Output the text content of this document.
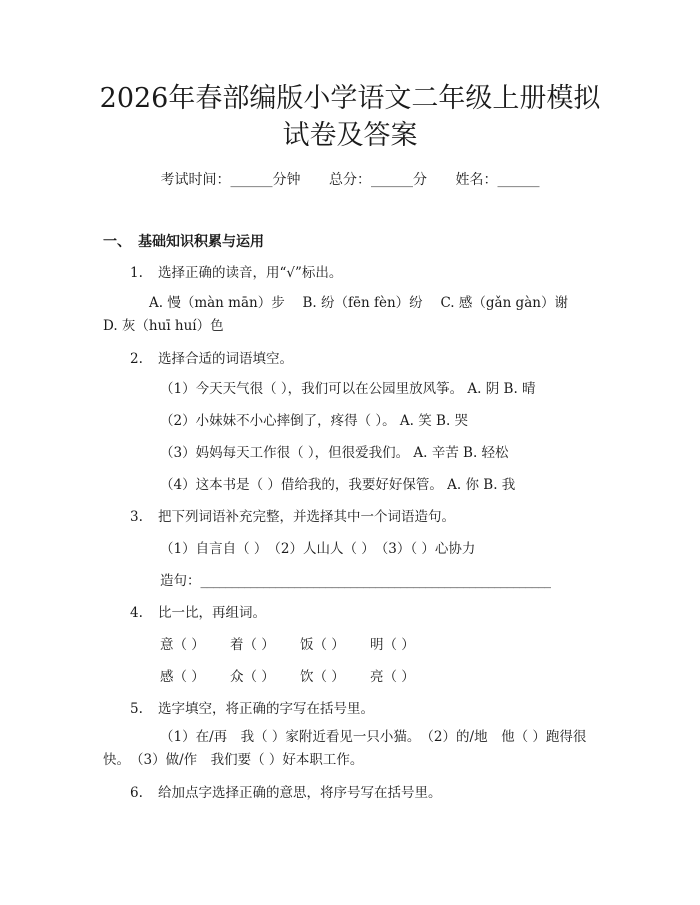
2026年春部编版小学语文二年级上册模拟试卷及答案
考试时间：______分钟 总分：______分 姓名：______
一、　基础知识积累与运用
1. 选择正确的读音，用“√”标出。
A. 慢（màn mān）步　 B. 纷（fēn fèn）纷　 C. 感（gǎn gàn）谢　 D. 灰（huī huí）色
2. 选择合适的词语填空。
（1）今天天气很（ ），我们可以在公园里放风筝。 A. 阴 B. 晴
（2）小妹妹不小心摔倒了，疼得（ ）。 A. 笑 B. 哭
（3）妈妈每天工作很（ ），但很爱我们。 A. 辛苦 B. 轻松
（4）这本书是（ ）借给我的，我要好好保管。 A. 你 B. 我
3. 把下列词语补充完整，并选择其中一个词语造句。
（1）自言自（ ）　（2）人山人（ ）　（3）（ ）心协力
造句：________________________________________________________
4. 比一比，再组词。
意（ ） 着（ ） 饭（ ） 明（ ）
感（ ） 众（ ） 饮（ ） 亮（ ）
5. 选字填空，将正确的字写在括号里。
（1）在/再　我（ ）家附近看见一只小猫。　（2）的/地　他（ ）跑得很快。　（3）做/作　我们要（ ）好本职工作。
6. 给加点字选择正确的意思，将序号写在括号里。
